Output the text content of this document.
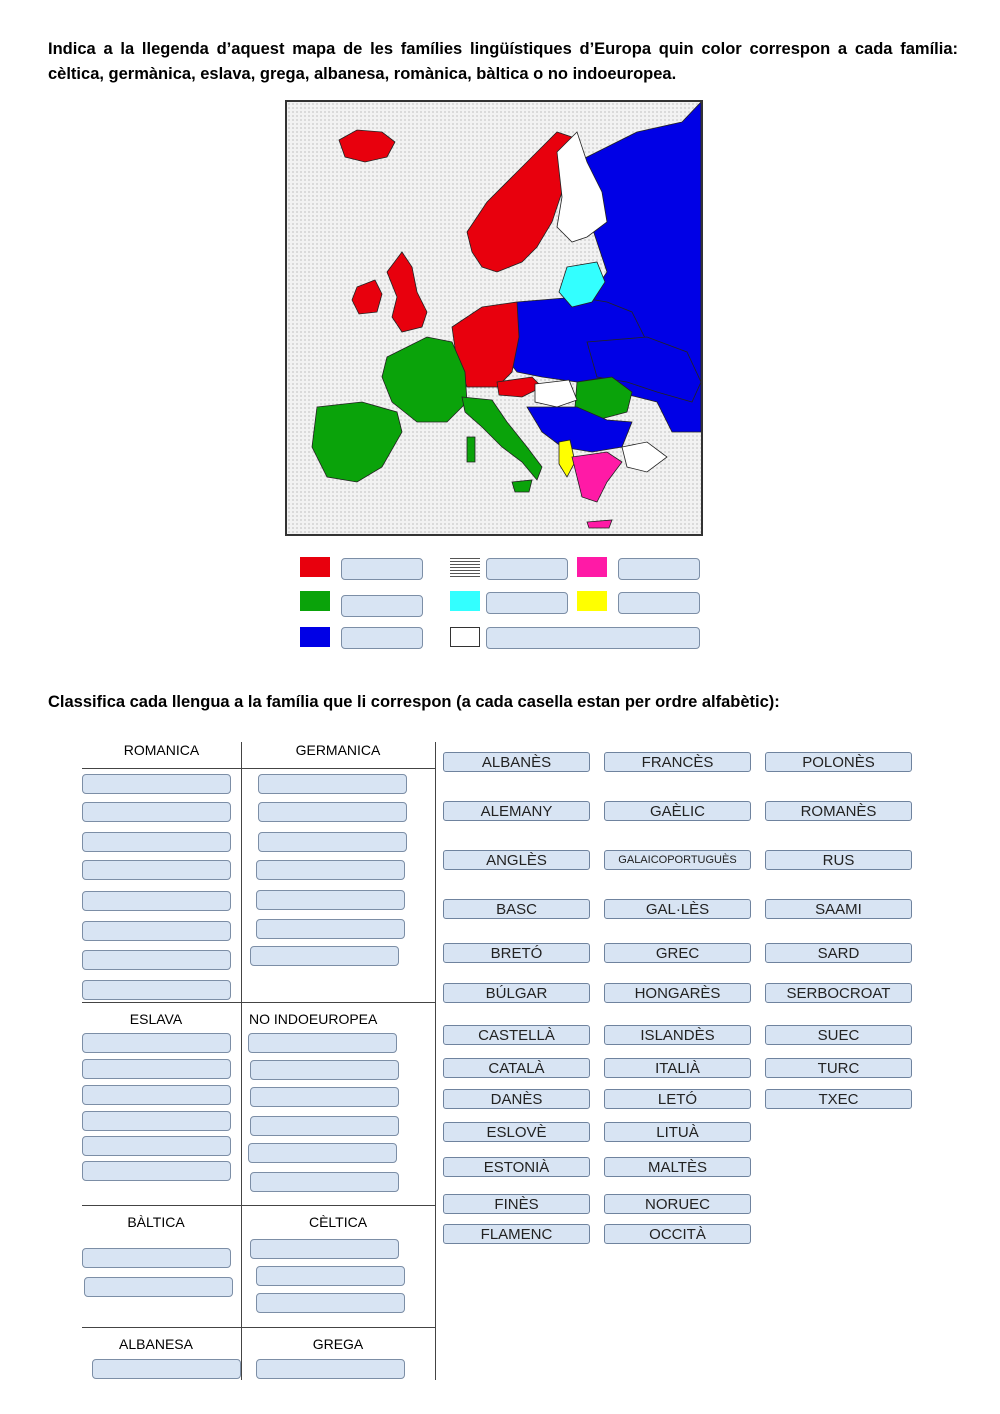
Indica a la llegenda d’aquest mapa de les famílies lingüístiques d’Europa quin color correspon a cada família: cèltica, germànica, eslava, grega, albanesa, romànica, bàltica o no indoeuropea.
Classifica cada llengua a la família que li correspon (a cada casella estan per ordre alfabètic):
ROMANICA	GERMANICA
ESLAVA	NO INDOEUROPEA
BÀLTICA	CÈLTICA
ALBANESA	GREGA
ALBANÈS	FRANCÈS	POLONÈS
ALEMANY	GAÈLIC	ROMANÈS
ANGLÈS	GALAICOPORTUGUÈS	RUS
BASC	GAL·LÈS	SAAMI
BRETÓ	GREC	SARD
BÚLGAR	HONGARÈS	SERBOCROAT
CASTELLÀ	ISLANDÈS	SUEC
CATALÀ	ITALIÀ	TURC
DANÈS	LETÓ	TXEC
ESLOVÈ	LITUÀ
ESTONIÀ	MALTÈS
FINÈS	NORUEC
FLAMENC	OCCITÀ
